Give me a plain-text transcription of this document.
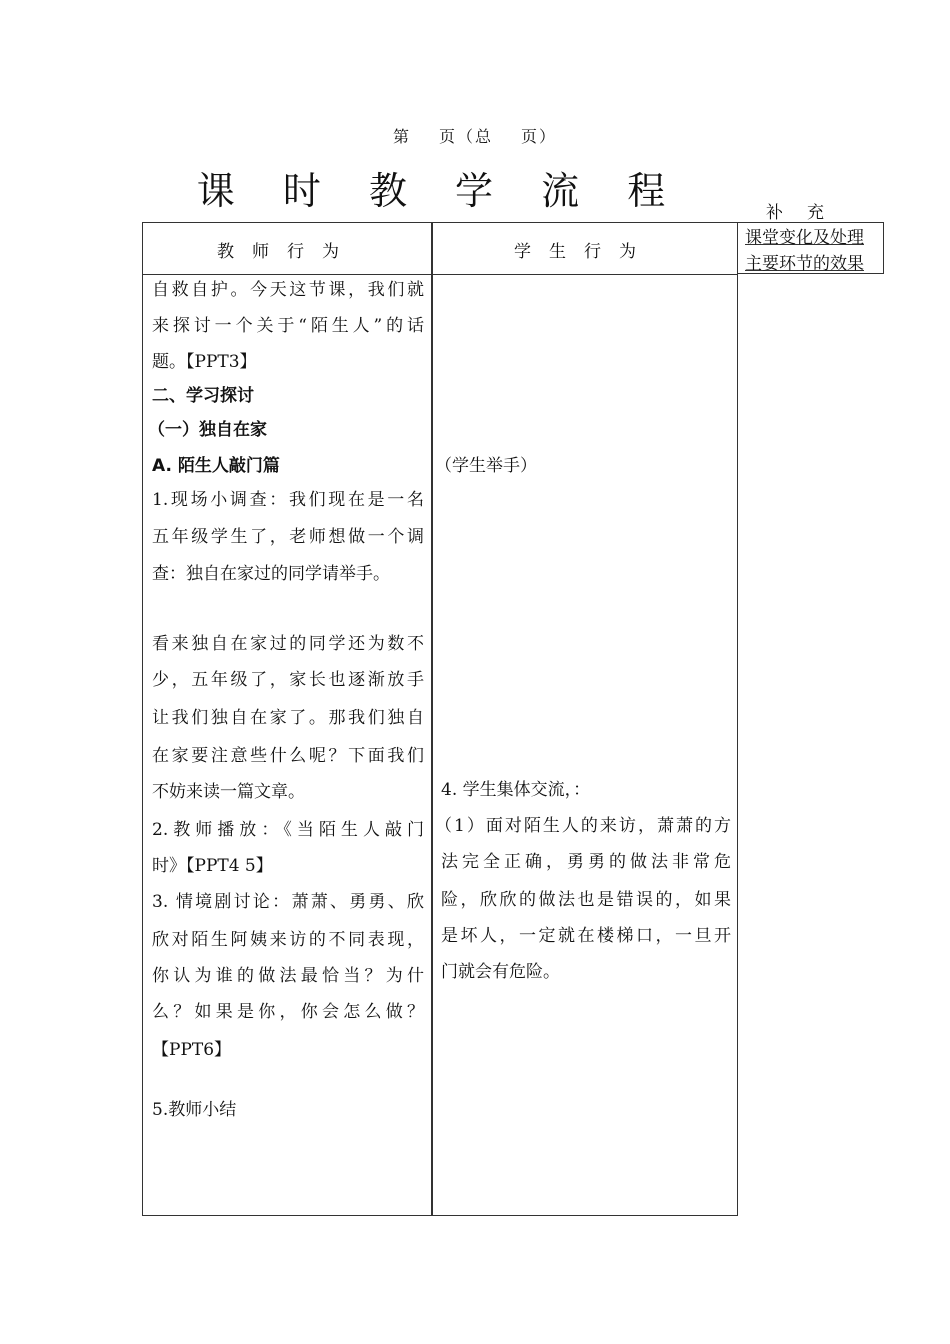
第 页（总 页）
课 时 教 学 流 程	补 充
教师行为	学生行为
课堂变化及处理
主要环节的效果
自救自护。今天这节课，我们就
来探讨一个关于“陌生人”的话
题。【PPT3】
二、学习探讨
（一）独自在家
A. 陌生人敲门篇
1.现场小调查：我们现在是一名
五年级学生了，老师想做一个调
查：独自在家过的同学请举手。
看来独自在家过的同学还为数不
少，五年级了，家长也逐渐放手
让我们独自在家了。那我们独自
在家要注意些什么呢？下面我们
不妨来读一篇文章。
2.教师播放：《当陌生人敲门
时》【PPT4 5】
3. 情境剧讨论：萧萧、勇勇、欣
欣对陌生阿姨来访的不同表现，
你认为谁的做法最恰当？为什
么？如果是你，你会怎么做？
【PPT6】
5.教师小结
（学生举手）
4. 学生集体交流，：
（1）面对陌生人的来访，萧萧的方
法完全正确，勇勇的做法非常危
险，欣欣的做法也是错误的，如果
是坏人，一定就在楼梯口，一旦开
门就会有危险。
